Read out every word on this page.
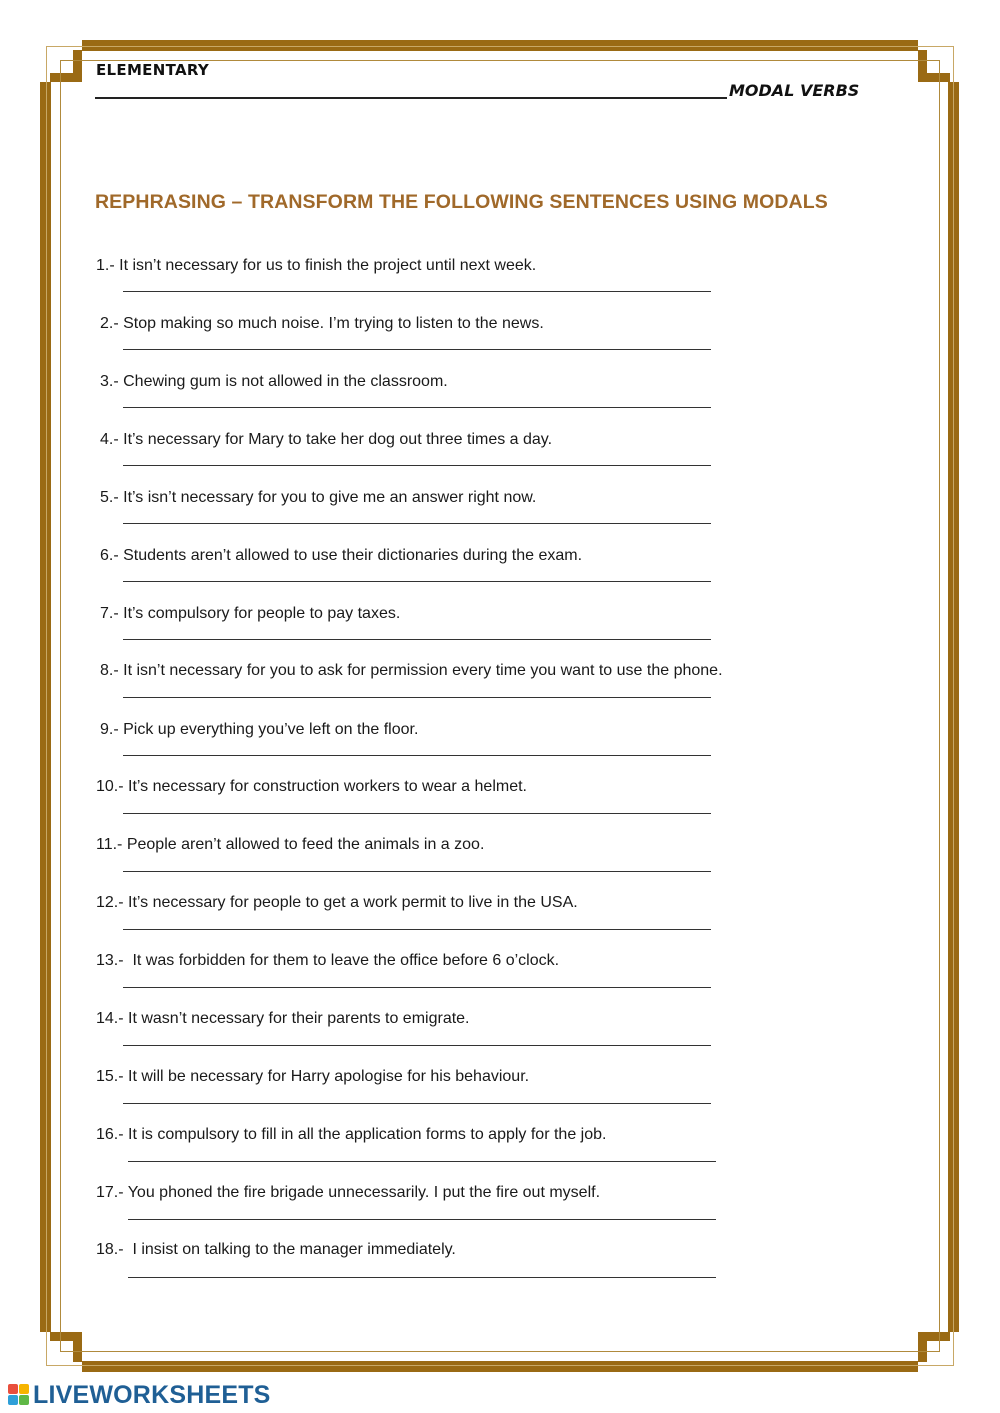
ELEMENTARY
MODAL VERBS
REPHRASING – TRANSFORM THE FOLLOWING SENTENCES USING MODALS
1.- It isn’t necessary for us to finish the project until next week.
2.- Stop making so much noise. I’m trying to listen to the news.
3.- Chewing gum is not allowed in the classroom.
4.- It’s necessary for Mary to take her dog out three times a day.
5.- It’s isn’t necessary for you to give me an answer right now.
6.- Students aren’t allowed to use their dictionaries during the exam.
7.- It’s compulsory for people to pay taxes.
8.- It isn’t necessary for you to ask for permission every time you want to use the phone.
9.- Pick up everything you’ve left on the floor.
10.- It’s necessary for construction workers to wear a helmet.
11.- People aren’t allowed to feed the animals in a zoo.
12.- It’s necessary for people to get a work permit to live in the USA.
13.-  It was forbidden for them to leave the office before 6 o’clock.
14.- It wasn’t necessary for their parents to emigrate.
15.- It will be necessary for Harry apologise for his behaviour.
16.- It is compulsory to fill in all the application forms to apply for the job.
17.- You phoned the fire brigade unnecessarily. I put the fire out myself.
18.-  I insist on talking to the manager immediately.
LIVEWORKSHEETS
